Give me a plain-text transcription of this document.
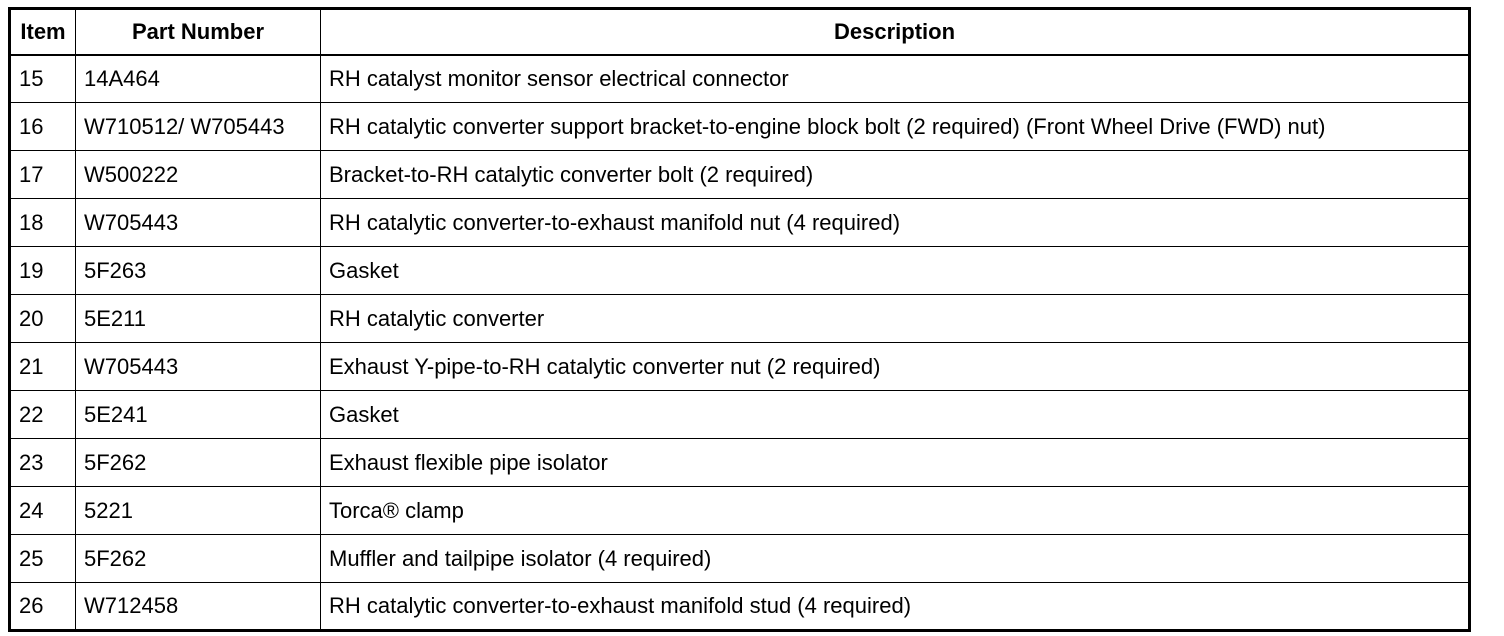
Item	Part Number	Description
15	14A464	RH catalyst monitor sensor electrical connector
16	W710512/ W705443	RH catalytic converter support bracket-to-engine block bolt (2 required) (Front Wheel Drive (FWD) nut)
17	W500222	Bracket-to-RH catalytic converter bolt (2 required)
18	W705443	RH catalytic converter-to-exhaust manifold nut (4 required)
19	5F263	Gasket
20	5E211	RH catalytic converter
21	W705443	Exhaust Y-pipe-to-RH catalytic converter nut (2 required)
22	5E241	Gasket
23	5F262	Exhaust flexible pipe isolator
24	5221	Torca® clamp
25	5F262	Muffler and tailpipe isolator (4 required)
26	W712458	RH catalytic converter-to-exhaust manifold stud (4 required)
